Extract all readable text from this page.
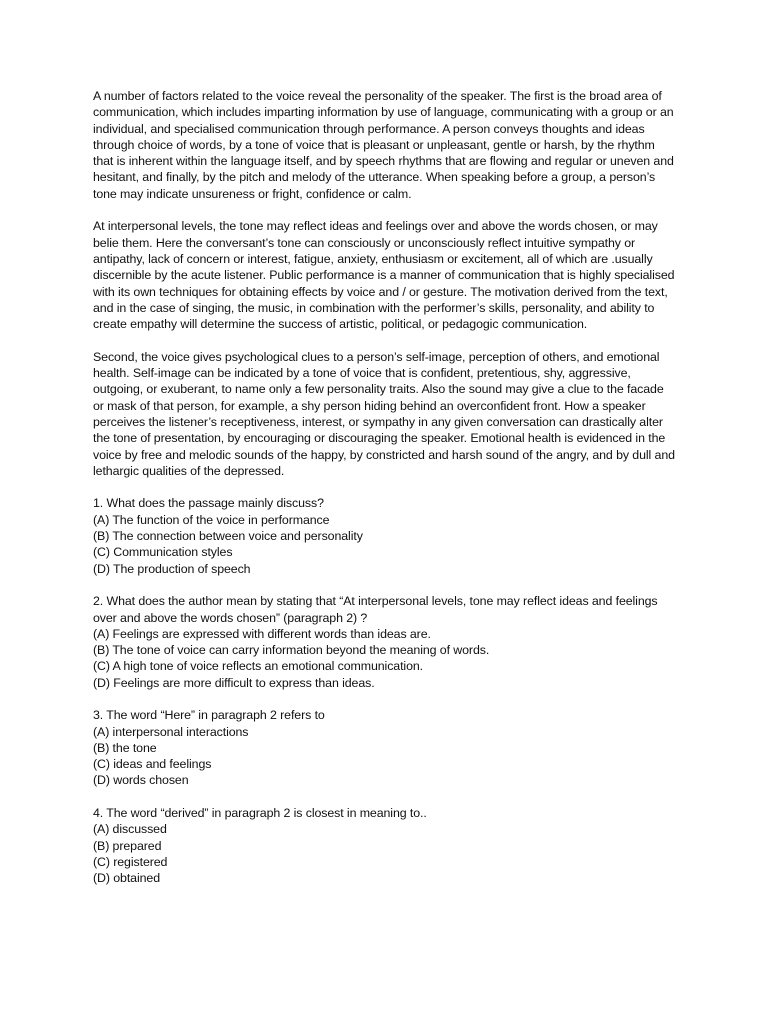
A number of factors related to the voice reveal the personality of the speaker. The first is the broad area of communication, which includes imparting information by use of language, communicating with a group or an individual, and specialised communication through performance. A person conveys thoughts and ideas through choice of words, by a tone of voice that is pleasant or unpleasant, gentle or harsh, by the rhythm that is inherent within the language itself, and by speech rhythms that are flowing and regular or uneven and hesitant, and finally, by the pitch and melody of the utterance. When speaking before a group, a person’s tone may indicate unsureness or fright, confidence or calm.

At interpersonal levels, the tone may reflect ideas and feelings over and above the words chosen, or may belie them. Here the conversant’s tone can consciously or unconsciously reflect intuitive sympathy or antipathy, lack of concern or interest, fatigue, anxiety, enthusiasm or excitement, all of which are .usually discernible by the acute listener. Public performance is a manner of communication that is highly specialised with its own techniques for obtaining effects by voice and / or gesture. The motivation derived from the text, and in the case of singing, the music, in combination with the performer’s skills, personality, and ability to create empathy will determine the success of artistic, political, or pedagogic communication.

Second, the voice gives psychological clues to a person’s self-image, perception of others, and emotional health. Self-image can be indicated by a tone of voice that is confident, pretentious, shy, aggressive, outgoing, or exuberant, to name only a few personality traits. Also the sound may give a clue to the facade or mask of that person, for example, a shy person hiding behind an overconfident front. How a speaker perceives the listener’s receptiveness, interest, or sympathy in any given conversation can drastically alter the tone of presentation, by encouraging or discouraging the speaker. Emotional health is evidenced in the voice by free and melodic sounds of the happy, by constricted and harsh sound of the angry, and by dull and lethargic qualities of the depressed.

1. What does the passage mainly discuss?
(A) The function of the voice in performance
(B) The connection between voice and personality
(C) Communication styles
(D) The production of speech
2. What does the author mean by stating that “At interpersonal levels, tone may reflect ideas and feelings over and above the words chosen” (paragraph 2) ?
(A) Feelings are expressed with different words than ideas are.
(B) The tone of voice can carry information beyond the meaning of words.
(C) A high tone of voice reflects an emotional communication.
(D) Feelings are more difficult to express than ideas.
3. The word “Here” in paragraph 2 refers to
(A) interpersonal interactions
(B) the tone
(C) ideas and feelings
(D) words chosen
4. The word “derived” in paragraph 2 is closest in meaning to..
(A) discussed
(B) prepared
(C) registered
(D) obtained
